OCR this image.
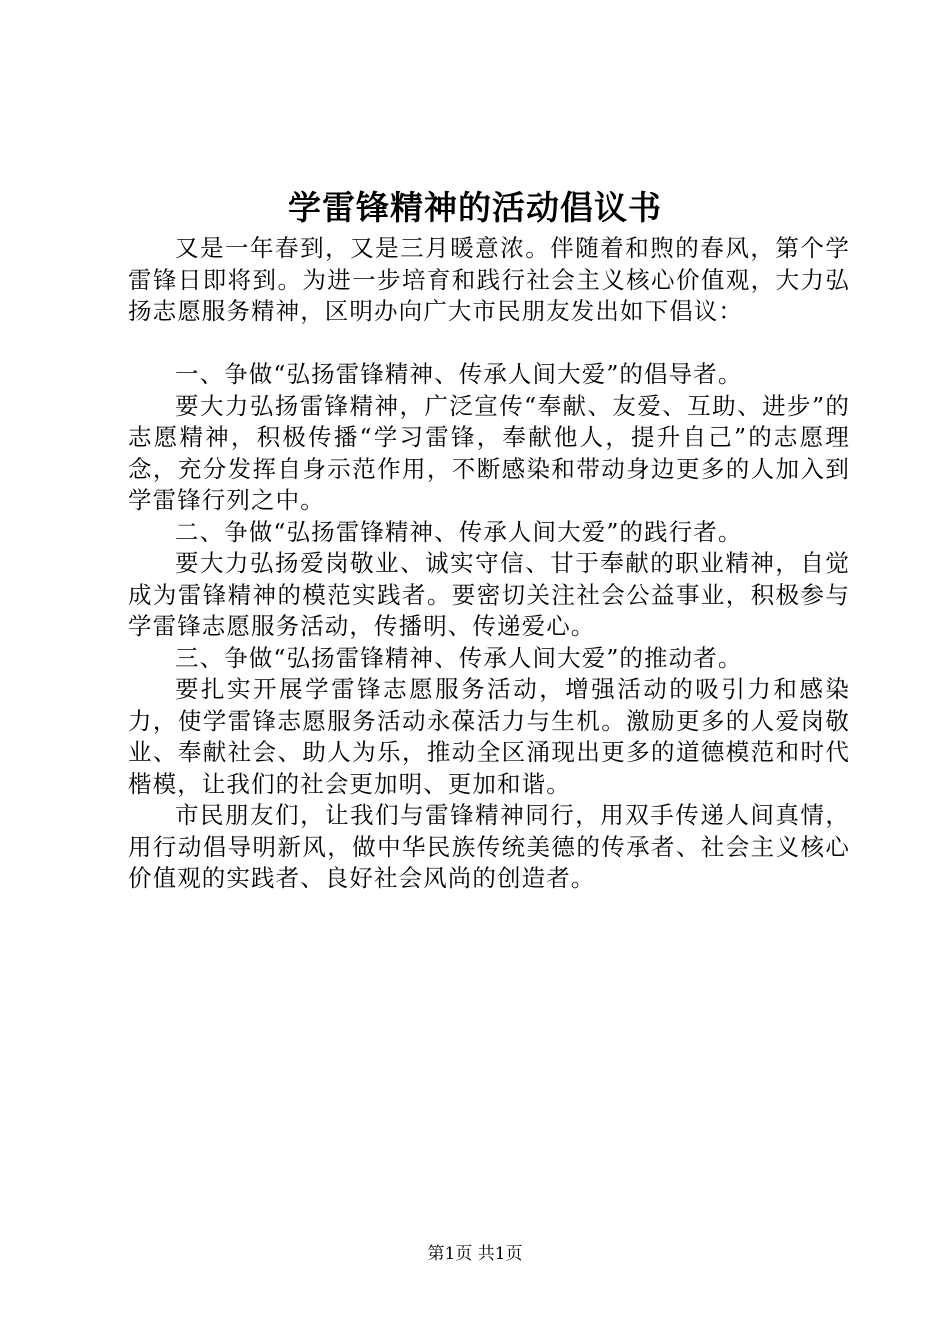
学雷锋精神的活动倡议书

又是一年春到，又是三月暖意浓。伴随着和煦的春风，第个学雷锋日即将到。为进一步培育和践行社会主义核心价值观，大力弘扬志愿服务精神，区明办向广大市民朋友发出如下倡议：

一、争做“弘扬雷锋精神、传承人间大爱”的倡导者。

要大力弘扬雷锋精神，广泛宣传“奉献、友爱、互助、进步”的志愿精神，积极传播“学习雷锋，奉献他人，提升自己”的志愿理念，充分发挥自身示范作用，不断感染和带动身边更多的人加入到学雷锋行列之中。

二、争做“弘扬雷锋精神、传承人间大爱”的践行者。

要大力弘扬爱岗敬业、诚实守信、甘于奉献的职业精神，自觉成为雷锋精神的模范实践者。要密切关注社会公益事业，积极参与学雷锋志愿服务活动，传播明、传递爱心。

三、争做“弘扬雷锋精神、传承人间大爱”的推动者。

要扎实开展学雷锋志愿服务活动，增强活动的吸引力和感染力，使学雷锋志愿服务活动永葆活力与生机。激励更多的人爱岗敬业、奉献社会、助人为乐，推动全区涌现出更多的道德模范和时代楷模，让我们的社会更加明、更加和谐。

市民朋友们，让我们与雷锋精神同行，用双手传递人间真情，用行动倡导明新风，做中华民族传统美德的传承者、社会主义核心价值观的实践者、良好社会风尚的创造者。

第1页 共1页
